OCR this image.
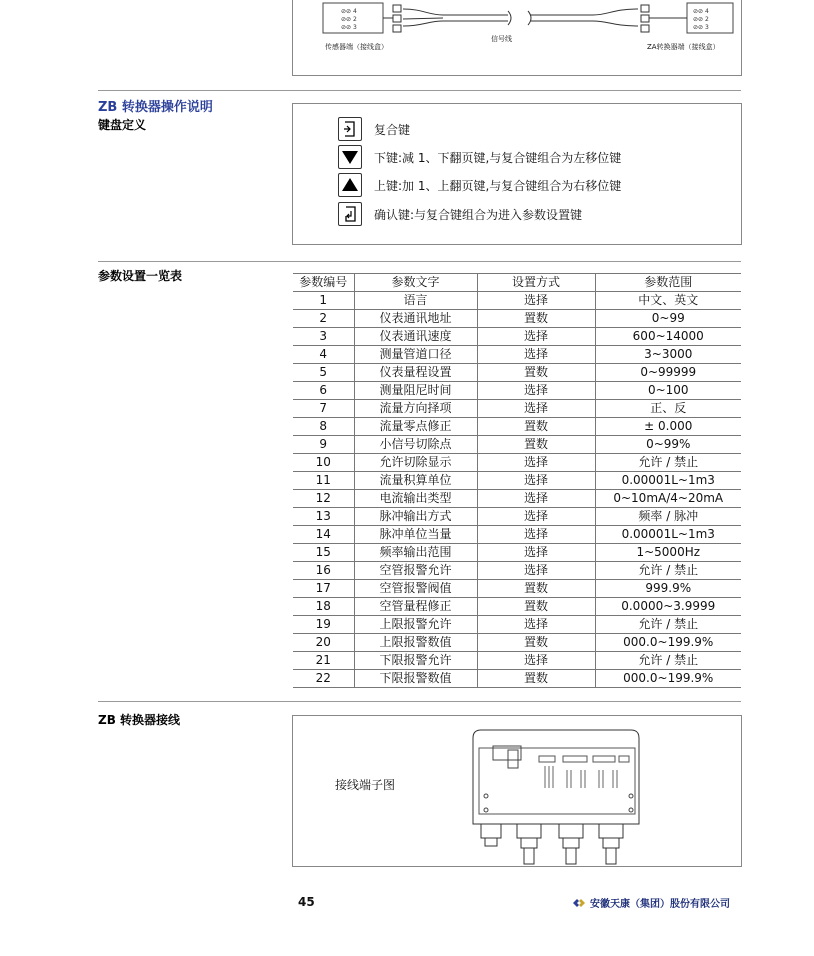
⊘⊘ 4
⊘⊘ 2
⊘⊘ 3
⊘⊘ 4
⊘⊘ 2
⊘⊘ 3
传感器端（接线盒）
信号线
ZA转换器端（接线盒）
ZB 转换器操作说明
键盘定义	复合键
下键:减 1、下翻页键,与复合键组合为左移位键
上键:加 1、上翻页键,与复合键组合为右移位键
确认键:与复合键组合为进入参数设置键
参数设置一览表	参数编号	参数文字	设置方式	参数范围
1	语言	选择	中文、英文
2	仪表通讯地址	置数	0~99
3	仪表通讯速度	选择	600~14000
4	测量管道口径	选择	3~3000
5	仪表量程设置	置数	0~99999
6	测量阻尼时间	选择	0~100
7	流量方向择项	选择	正、反
8	流量零点修正	置数	± 0.000
9	小信号切除点	置数	0~99%
10	允许切除显示	选择	允许 / 禁止
11	流量积算单位	选择	0.00001L~1m3
12	电流输出类型	选择	0~10mA/4~20mA
13	脉冲输出方式	选择	频率 / 脉冲
14	脉冲单位当量	选择	0.00001L~1m3
15	频率输出范围	选择	1~5000Hz
16	空管报警允许	选择	允许 / 禁止
17	空管报警阀值	置数	999.9%
18	空管量程修正	置数	0.0000~3.9999
19	上限报警允许	选择	允许 / 禁止
20	上限报警数值	置数	000.0~199.9%
21	下限报警允许	选择	允许 / 禁止
22	下限报警数值	置数	000.0~199.9%
ZB 转换器接线
接线端子图
45	安徽天康（集团）股份有限公司
